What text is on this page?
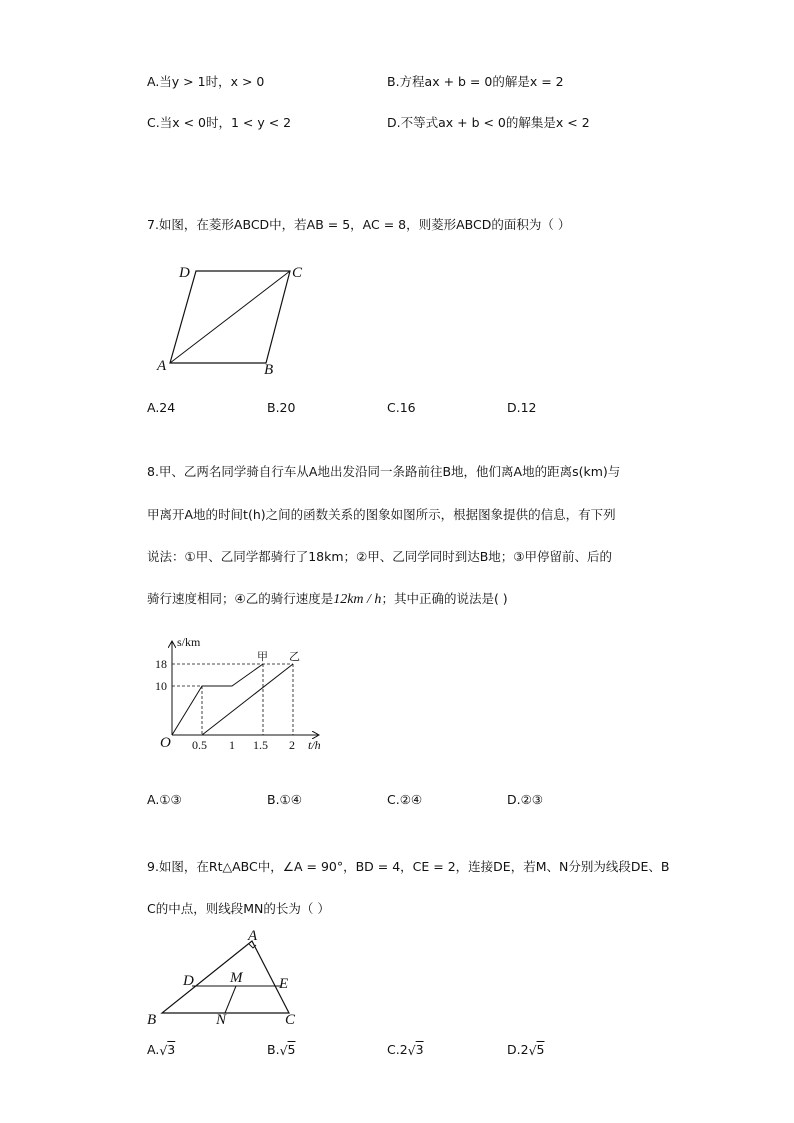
A.当y > 1时，x > 0	B.方程ax + b = 0的解是x = 2
C.当x < 0时，1 < y < 2	D.不等式ax + b < 0的解集是x < 2
7.如图，在菱形ABCD中，若AB = 5，AC = 8，则菱形ABCD的面积为（ ）
D	C
A	B
A.24	B.20	C.16	D.12
8.甲、乙两名同学骑自行车从A地出发沿同一条路前往B地，他们离A地的距离s(km)与
甲离开A地的时间t(h)之间的函数关系的图象如图所示，根据图象提供的信息，有下列
说法：①甲、乙同学都骑行了18km；②甲、乙同学同时到达B地；③甲停留前、后的
骑行速度相同；④乙的骑行速度是12km / h；其中正确的说法是( )
s/km
t/h
O
18
10
0.5 1 1.5 2
甲 乙
A.①③	B.①④	C.②④	D.②③
9.如图，在Rt△ABC中，∠A = 90°，BD = 4，CE = 2，连接DE，若M、N分别为线段DE、B
C的中点，则线段MN的长为（ ）
A
B	C
D	E
M
N
A.√3	B.√5	C.2√3	D.2√5
